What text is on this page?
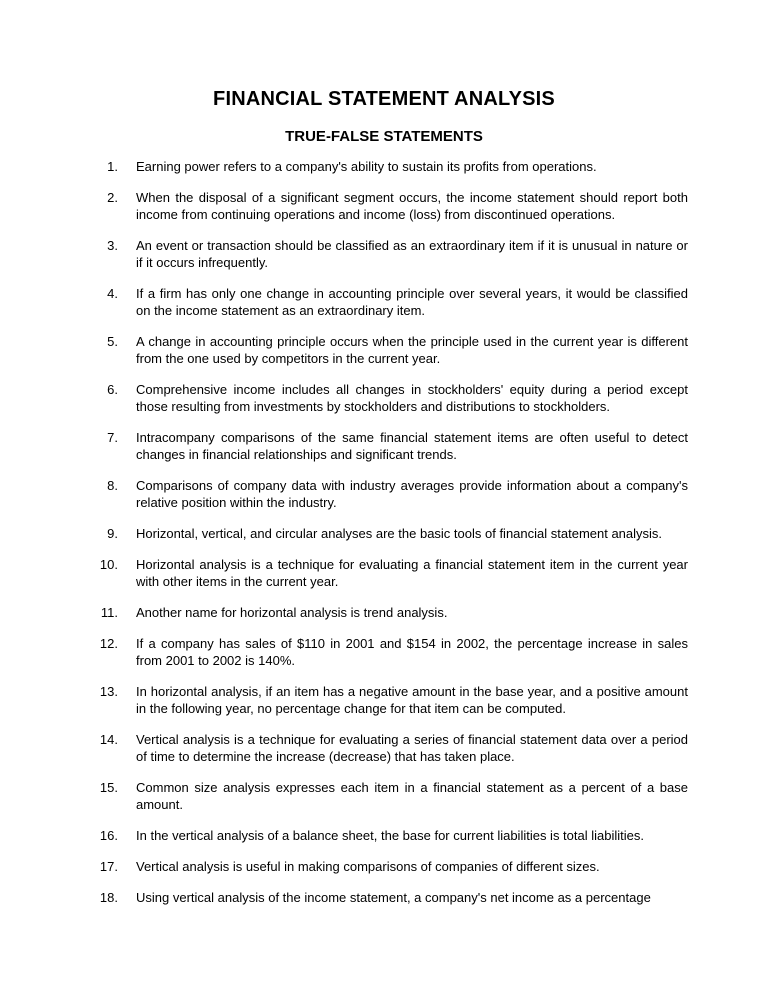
FINANCIAL STATEMENT ANALYSIS
TRUE-FALSE STATEMENTS
1. Earning power refers to a company's ability to sustain its profits from operations.
2. When the disposal of a significant segment occurs, the income statement should report both income from continuing operations and income (loss) from discontinued operations.
3. An event or transaction should be classified as an extraordinary item if it is unusual in nature or if it occurs infrequently.
4. If a firm has only one change in accounting principle over several years, it would be classified on the income statement as an extraordinary item.
5. A change in accounting principle occurs when the principle used in the current year is different from the one used by competitors in the current year.
6. Comprehensive income includes all changes in stockholders' equity during a period except those resulting from investments by stockholders and distributions to stockholders.
7. Intracompany comparisons of the same financial statement items are often useful to detect changes in financial relationships and significant trends.
8. Comparisons of company data with industry averages provide information about a company's relative position within the industry.
9. Horizontal, vertical, and circular analyses are the basic tools of financial statement analysis.
10. Horizontal analysis is a technique for evaluating a financial statement item in the current year with other items in the current year.
11. Another name for horizontal analysis is trend analysis.
12. If a company has sales of $110 in 2001 and $154 in 2002, the percentage increase in sales from 2001 to 2002 is 140%.
13. In horizontal analysis, if an item has a negative amount in the base year, and a positive amount in the following year, no percentage change for that item can be computed.
14. Vertical analysis is a technique for evaluating a series of financial statement data over a period of time to determine the increase (decrease) that has taken place.
15. Common size analysis expresses each item in a financial statement as a percent of a base amount.
16. In the vertical analysis of a balance sheet, the base for current liabilities is total liabilities.
17. Vertical analysis is useful in making comparisons of companies of different sizes.
18. Using vertical analysis of the income statement, a company's net income as a percentage
